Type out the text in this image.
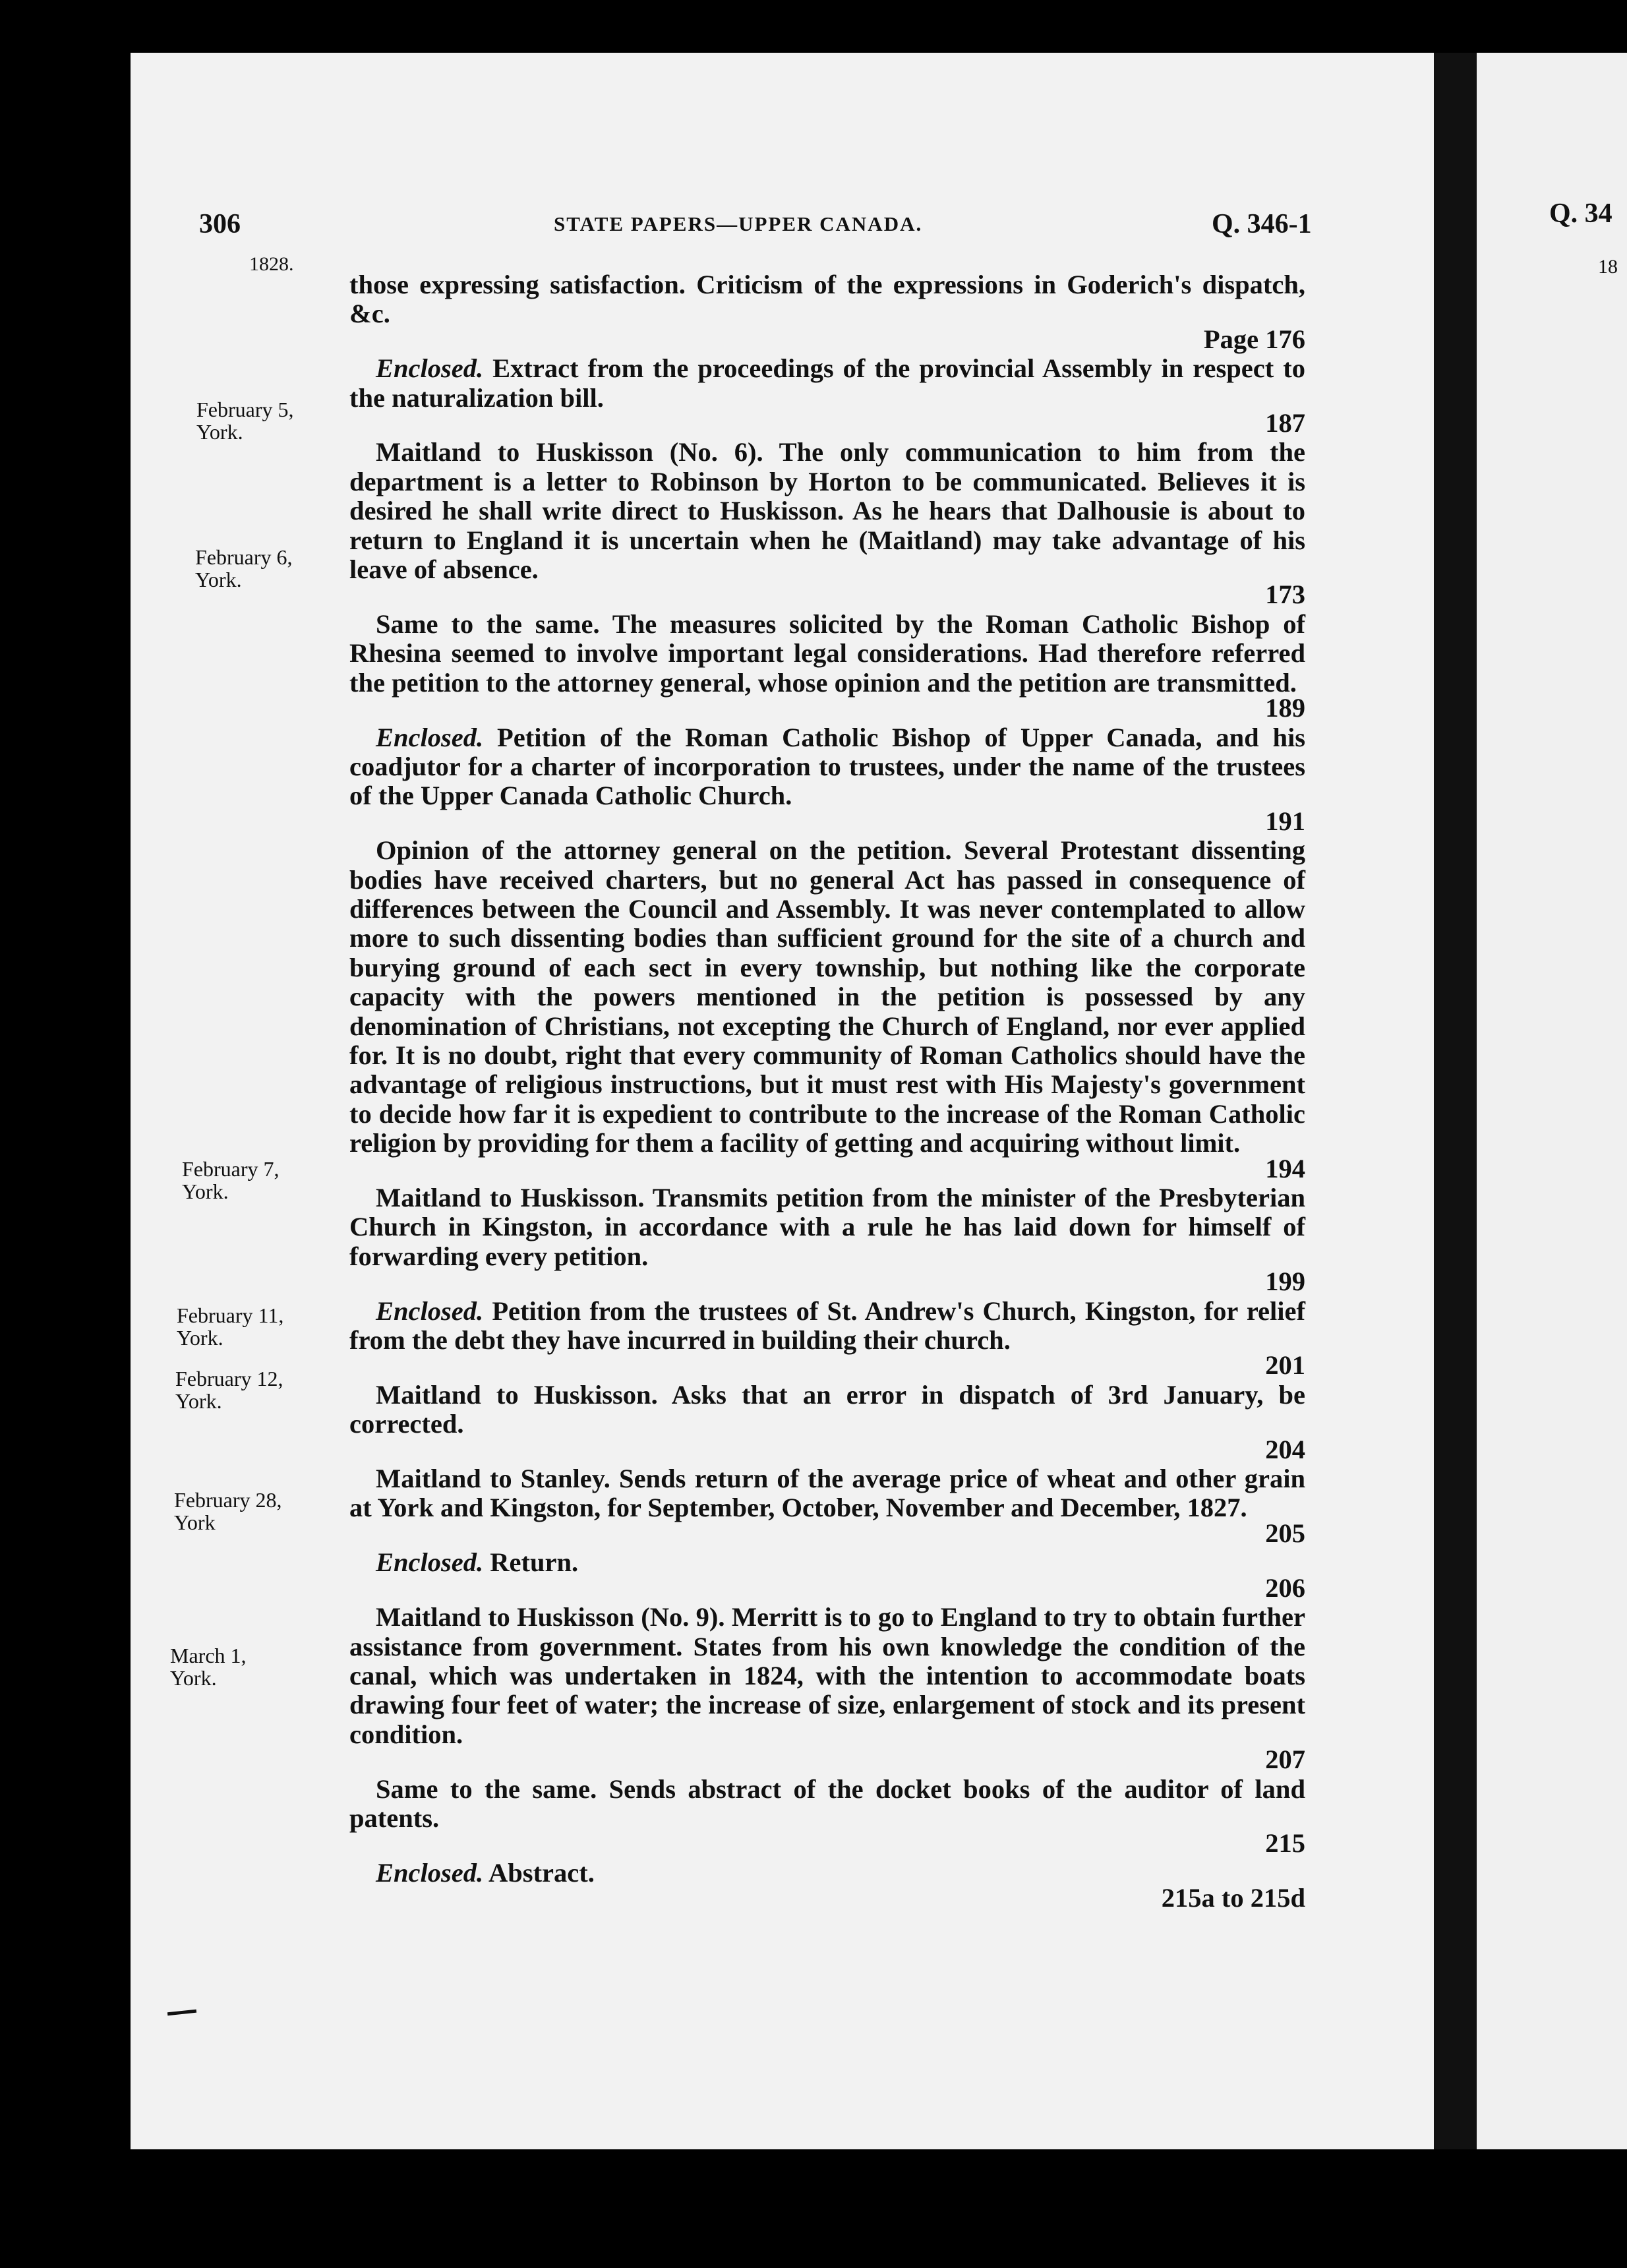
306	STATE PAPERS—UPPER CANADA.	Q. 346-1	Q. 34
18
1828.
February 5,
York.
February 6,
York.
February 7,
York.
February 11,
York.
February 12,
York.
February 28,
York
March 1,
York.

those expressing satisfaction. Criticism of the expressions in Goderich's dispatch, &c.
Page 176

Enclosed. Extract from the proceedings of the provincial Assembly in respect to the naturalization bill.
187

Maitland to Huskisson (No. 6). The only communication to him from the department is a letter to Robinson by Horton to be communicated. Believes it is desired he shall write direct to Huskisson. As he hears that Dalhousie is about to return to England it is uncertain when he (Maitland) may take advantage of his leave of absence.
173

Same to the same. The measures solicited by the Roman Catholic Bishop of Rhesina seemed to involve important legal considerations. Had therefore referred the petition to the attorney general, whose opinion and the petition are transmitted.
189

Enclosed. Petition of the Roman Catholic Bishop of Upper Canada, and his coadjutor for a charter of incorporation to trustees, under the name of the trustees of the Upper Canada Catholic Church.
191

Opinion of the attorney general on the petition. Several Protestant dissenting bodies have received charters, but no general Act has passed in consequence of differences between the Council and Assembly. It was never contemplated to allow more to such dissenting bodies than sufficient ground for the site of a church and burying ground of each sect in every township, but nothing like the corporate capacity with the powers mentioned in the petition is possessed by any denomination of Christians, not excepting the Church of England, nor ever applied for. It is no doubt, right that every community of Roman Catholics should have the advantage of religious instructions, but it must rest with His Majesty's government to decide how far it is expedient to contribute to the increase of the Roman Catholic religion by providing for them a facility of getting and acquiring without limit.
194

Maitland to Huskisson. Transmits petition from the minister of the Presbyterian Church in Kingston, in accordance with a rule he has laid down for himself of forwarding every petition.
199

Enclosed. Petition from the trustees of St. Andrew's Church, Kingston, for relief from the debt they have incurred in building their church.
201

Maitland to Huskisson. Asks that an error in dispatch of 3rd January, be corrected.
204

Maitland to Stanley. Sends return of the average price of wheat and other grain at York and Kingston, for September, October, November and December, 1827.
205

Enclosed. Return.
206

Maitland to Huskisson (No. 9). Merritt is to go to England to try to obtain further assistance from government. States from his own knowledge the condition of the canal, which was undertaken in 1824, with the intention to accommodate boats drawing four feet of water; the increase of size, enlargement of stock and its present condition.
207

Same to the same. Sends abstract of the docket books of the auditor of land patents.
215

Enclosed. Abstract.
215a to 215d
